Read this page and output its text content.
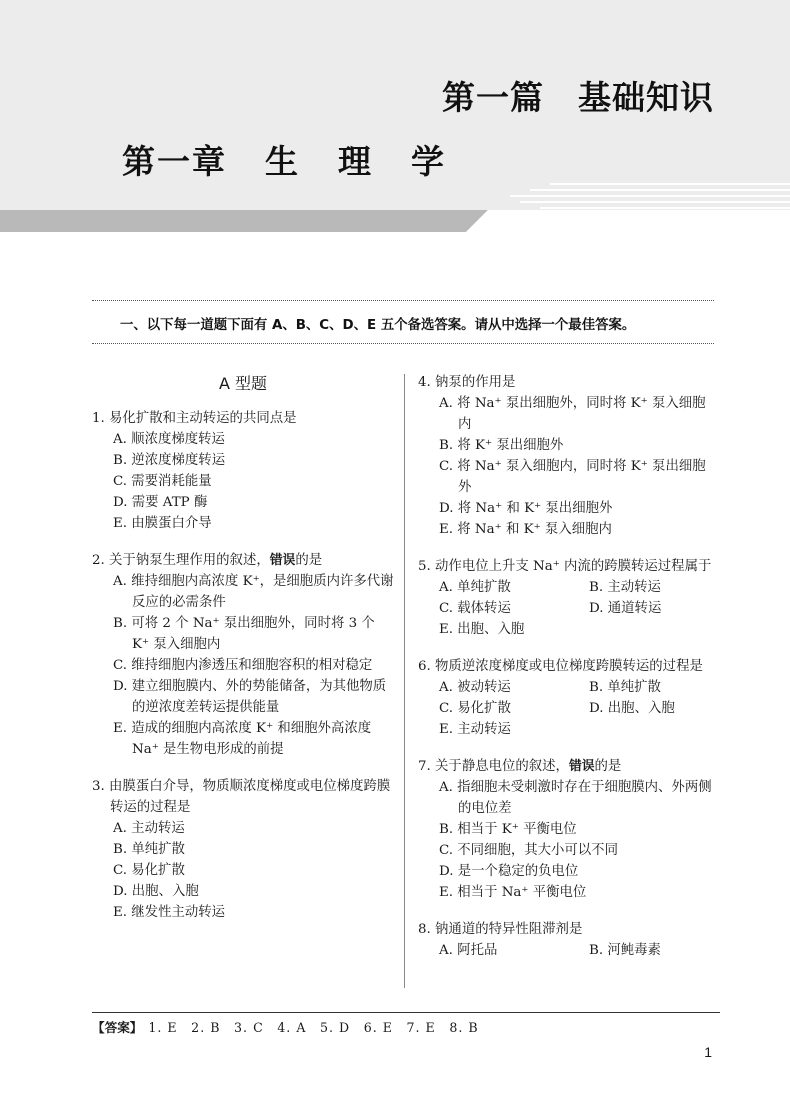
第一篇　基础知识
第一章 生 理 学
一、以下每一道题下面有 A、B、C、D、E 五个备选答案。请从中选择一个最佳答案。
A 型题
1. 易化扩散和主动转运的共同点是
A. 顺浓度梯度转运
B. 逆浓度梯度转运
C. 需要消耗能量
D. 需要 ATP 酶
E. 由膜蛋白介导
2. 关于钠泵生理作用的叙述，错误的是
A. 维持细胞内高浓度 K⁺，是细胞质内许多代谢反应的必需条件
B. 可将 2 个 Na⁺ 泵出细胞外，同时将 3 个 K⁺ 泵入细胞内
C. 维持细胞内渗透压和细胞容积的相对稳定
D. 建立细胞膜内、外的势能储备，为其他物质的逆浓度差转运提供能量
E. 造成的细胞内高浓度 K⁺ 和细胞外高浓度 Na⁺ 是生物电形成的前提
3. 由膜蛋白介导，物质顺浓度梯度或电位梯度跨膜转运的过程是
A. 主动转运
B. 单纯扩散
C. 易化扩散
D. 出胞、入胞
E. 继发性主动转运
4. 钠泵的作用是
A. 将 Na⁺ 泵出细胞外，同时将 K⁺ 泵入细胞内
B. 将 K⁺ 泵出细胞外
C. 将 Na⁺ 泵入细胞内，同时将 K⁺ 泵出细胞外
D. 将 Na⁺ 和 K⁺ 泵出细胞外
E. 将 Na⁺ 和 K⁺ 泵入细胞内
5. 动作电位上升支 Na⁺ 内流的跨膜转运过程属于
A. 单纯扩散	B. 主动转运
C. 载体转运	D. 通道转运
E. 出胞、入胞
6. 物质逆浓度梯度或电位梯度跨膜转运的过程是
A. 被动转运	B. 单纯扩散
C. 易化扩散	D. 出胞、入胞
E. 主动转运
7. 关于静息电位的叙述，错误的是
A. 指细胞未受刺激时存在于细胞膜内、外两侧的电位差
B. 相当于 K⁺ 平衡电位
C. 不同细胞，其大小可以不同
D. 是一个稳定的负电位
E. 相当于 Na⁺ 平衡电位
8. 钠通道的特异性阻滞剂是
A. 阿托品	B. 河鲀毒素
【答案】 1. E　2. B　3. C　4. A　5. D　6. E　7. E　8. B
1
